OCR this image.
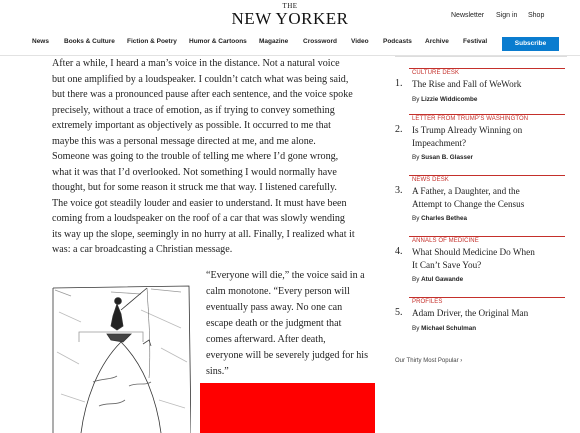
THE
NEW YORKER	Newsletter Sign in Shop
News Books & Culture Fiction & Poetry Humor & Cartoons Magazine Crossword Video Podcasts Archive Festival	Subscribe

After a while, I heard a man’s voice in the distance. Not a natural voice

but one amplified by a loudspeaker. I couldn’t catch what was being said,

but there was a pronounced pause after each sentence, and the voice spoke

precisely, without a trace of emotion, as if trying to convey something

extremely important as objectively as possible. It occurred to me that

maybe this was a personal message directed at me, and me alone.

Someone was going to the trouble of telling me where I’d gone wrong,

what it was that I’d overlooked. Not something I would normally have

thought, but for some reason it struck me that way. I listened carefully.

The voice got steadily louder and easier to understand. It must have been

coming from a loudspeaker on the roof of a car that was slowly wending

its way up the slope, seemingly in no hurry at all. Finally, I realized what it

was: a car broadcasting a Christian message.

“Everyone will die,” the voice said in a

calm monotone. “Every person will

eventually pass away. No one can

escape death or the judgment that

comes afterward. After death,

everyone will be severely judged for his

sins.”

CULTURE DESK
1. The Rise and Fall of WeWork
By Lizzie Widdicombe
LETTER FROM TRUMP’S WASHINGTON
2. Is Trump Already Winning on
Impeachment?
By Susan B. Glasser
NEWS DESK
3. A Father, a Daughter, and the
Attempt to Change the Census
By Charles Bethea
ANNALS OF MEDICINE
4. What Should Medicine Do When
It Can’t Save You?
By Atul Gawande
PROFILES
5. Adam Driver, the Original Man
By Michael Schulman
Our Thirty Most Popular ›
